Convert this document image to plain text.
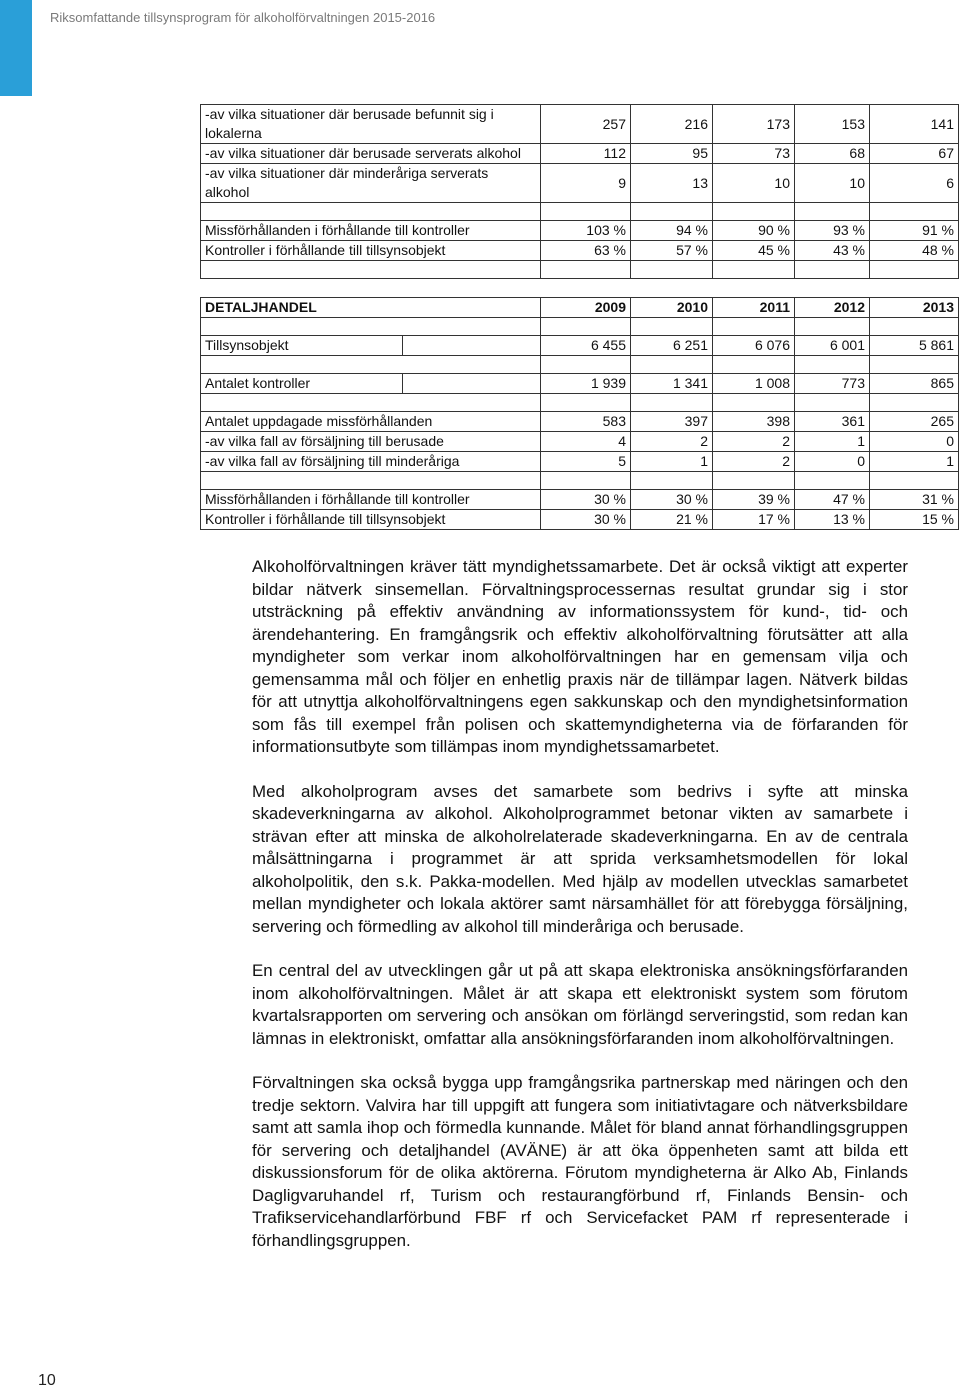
Riksomfattande tillsynsprogram för alkoholförvaltningen 2015-2016
-av vilka situationer där berusade befunnit sig i lokalerna	257	216	173	153	141
-av vilka situationer där berusade serverats alkohol	112	95	73	68	67
-av vilka situationer där minderåriga serverats alkohol	9	13	10	10	6

Missförhållanden i förhållande till kontroller	103 %	94 %	90 %	93 %	91 %
Kontroller i förhållande till tillsynsobjekt	63 %	57 %	45 %	43 %	48 %

DETALJHANDEL		2009	2010	2011	2012	2013

Tillsynsobjekt		6 455	6 251	6 076	6 001	5 861

Antalet kontroller		1 939	1 341	1 008	773	865

Antalet uppdagade missförhållanden		583	397	398	361	265
-av vilka fall av försäljning till berusade		4	2	2	1	0
-av vilka fall av försäljning till minderåriga		5	1	2	0	1

Missförhållanden i förhållande till kontroller		30 %	30 %	39 %	47 %	31 %
Kontroller i förhållande till tillsynsobjekt		30 %	21 %	17 %	13 %	15 %

Alkoholförvaltningen kräver tätt myndighetssamarbete. Det är också viktigt att experter bildar nätverk sinsemellan. Förvaltningsprocessernas resultat grundar sig i stor utsträckning på effektiv användning av informationssystem för kund-, tid- och ärendehantering. En framgångsrik och effektiv alkoholförvaltning förutsätter att alla myndigheter som verkar inom alkoholförvaltningen har en gemensam vilja och gemensamma mål och följer en enhetlig praxis när de tillämpar lagen. Nätverk bildas för att utnyttja alkoholförvaltningens egen sakkunskap och den myndighetsinformation som fås till exempel från polisen och skattemyndigheterna via de förfaranden för informationsutbyte som tillämpas inom myndighetssamarbetet.

Med alkoholprogram avses det samarbete som bedrivs i syfte att minska skadeverkningarna av alkohol. Alkoholprogrammet betonar vikten av samarbete i strävan efter att minska de alkoholrelaterade skadeverkningarna. En av de centrala målsättningarna i programmet är att sprida verksamhetsmodellen för lokal alkoholpolitik, den s.k. Pakka-modellen. Med hjälp av modellen utvecklas samarbetet mellan myndigheter och lokala aktörer samt närsamhället för att förebygga försäljning, servering och förmedling av alkohol till minderåriga och berusade.

En central del av utvecklingen går ut på att skapa elektroniska ansökningsförfaranden inom alkoholförvaltningen. Målet är att skapa ett elektroniskt system som förutom kvartalsrapporten om servering och ansökan om förlängd serveringstid, som redan kan lämnas in elektroniskt, omfattar alla ansökningsförfaranden inom alkoholförvaltningen.

Förvaltningen ska också bygga upp framgångsrika partnerskap med näringen och den tredje sektorn. Valvira har till uppgift att fungera som initiativtagare och nätverksbildare samt att samla ihop och förmedla kunnande. Målet för bland annat förhandlingsgruppen för servering och detaljhandel (AVÄNE) är att öka öppenheten samt att bilda ett diskussionsforum för de olika aktörerna. Förutom myndigheterna är Alko Ab, Finlands Dagligvaruhandel rf, Turism och restaurangförbund rf, Finlands Bensin- och Trafikservicehandlarförbund FBF rf och Servicefacket PAM rf representerade i förhandlingsgruppen.

10
